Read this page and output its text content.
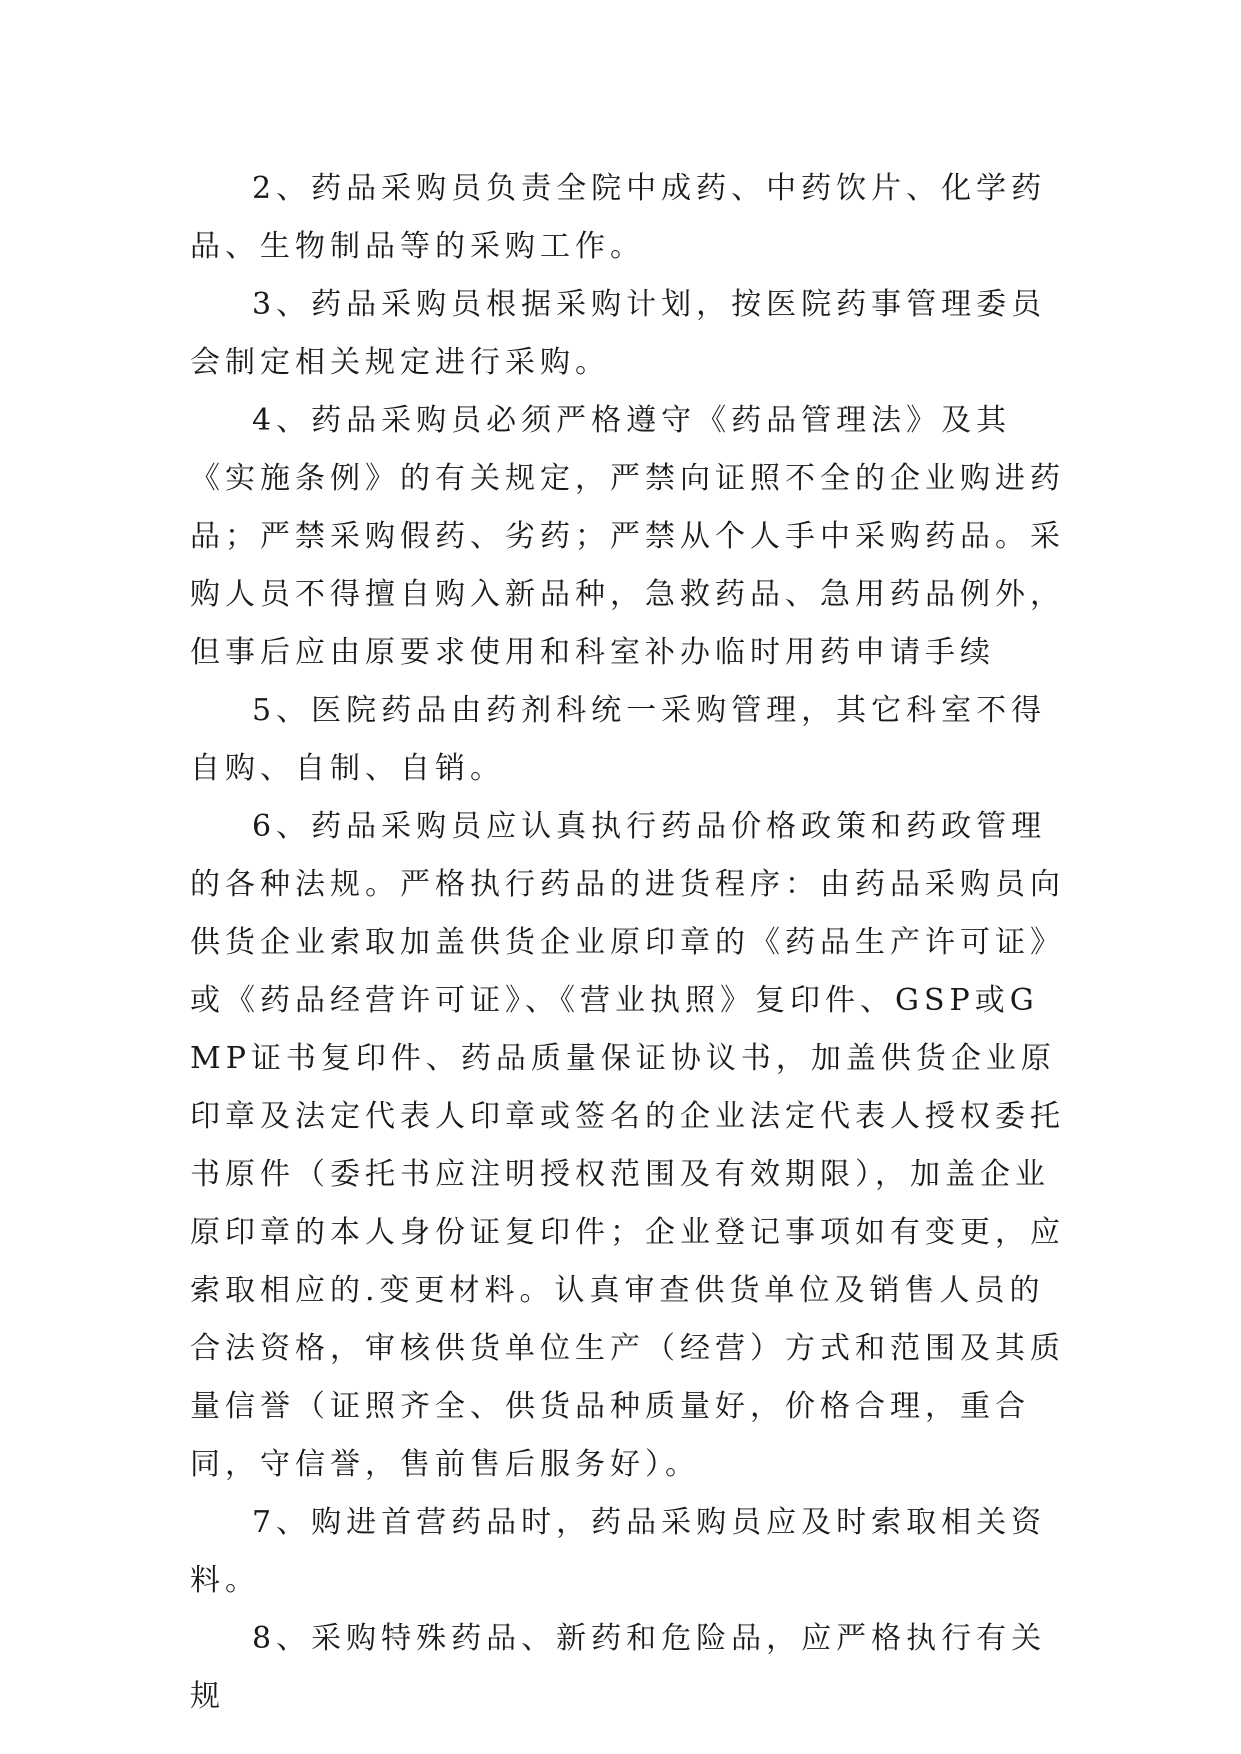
2、药品采购员负责全院中成药、中药饮片、化学药品、生物制品等的采购工作。

3、药品采购员根据采购计划，按医院药事管理委员会制定相关规定进行采购。

4、药品采购员必须严格遵守《药品管理法》及其《实施条例》的有关规定，严禁向证照不全的企业购进药品；严禁采购假药、劣药；严禁从个人手中采购药品。采购人员不得擅自购入新品种，急救药品、急用药品例外，但事后应由原要求使用和科室补办临时用药申请手续

5、医院药品由药剂科统一采购管理，其它科室不得自购、自制、自销。

6、药品采购员应认真执行药品价格政策和药政管理的各种法规。严格执行药品的进货程序：由药品采购员向供货企业索取加盖供货企业原印章的《药品生产许可证》或《药品经营许可证》、《营业执照》复印件、GSP或GMP证书复印件、药品质量保证协议书，加盖供货企业原印章及法定代表人印章或签名的企业法定代表人授权委托书原件（委托书应注明授权范围及有效期限），加盖企业原印章的本人身份证复印件；企业登记事项如有变更，应索取相应的.变更材料。认真审查供货单位及销售人员的合法资格，审核供货单位生产（经营）方式和范围及其质量信誉（证照齐全、供货品种质量好，价格合理，重合同，守信誉，售前售后服务好）。

7、购进首营药品时，药品采购员应及时索取相关资料。

8、采购特殊药品、新药和危险品，应严格执行有关规
